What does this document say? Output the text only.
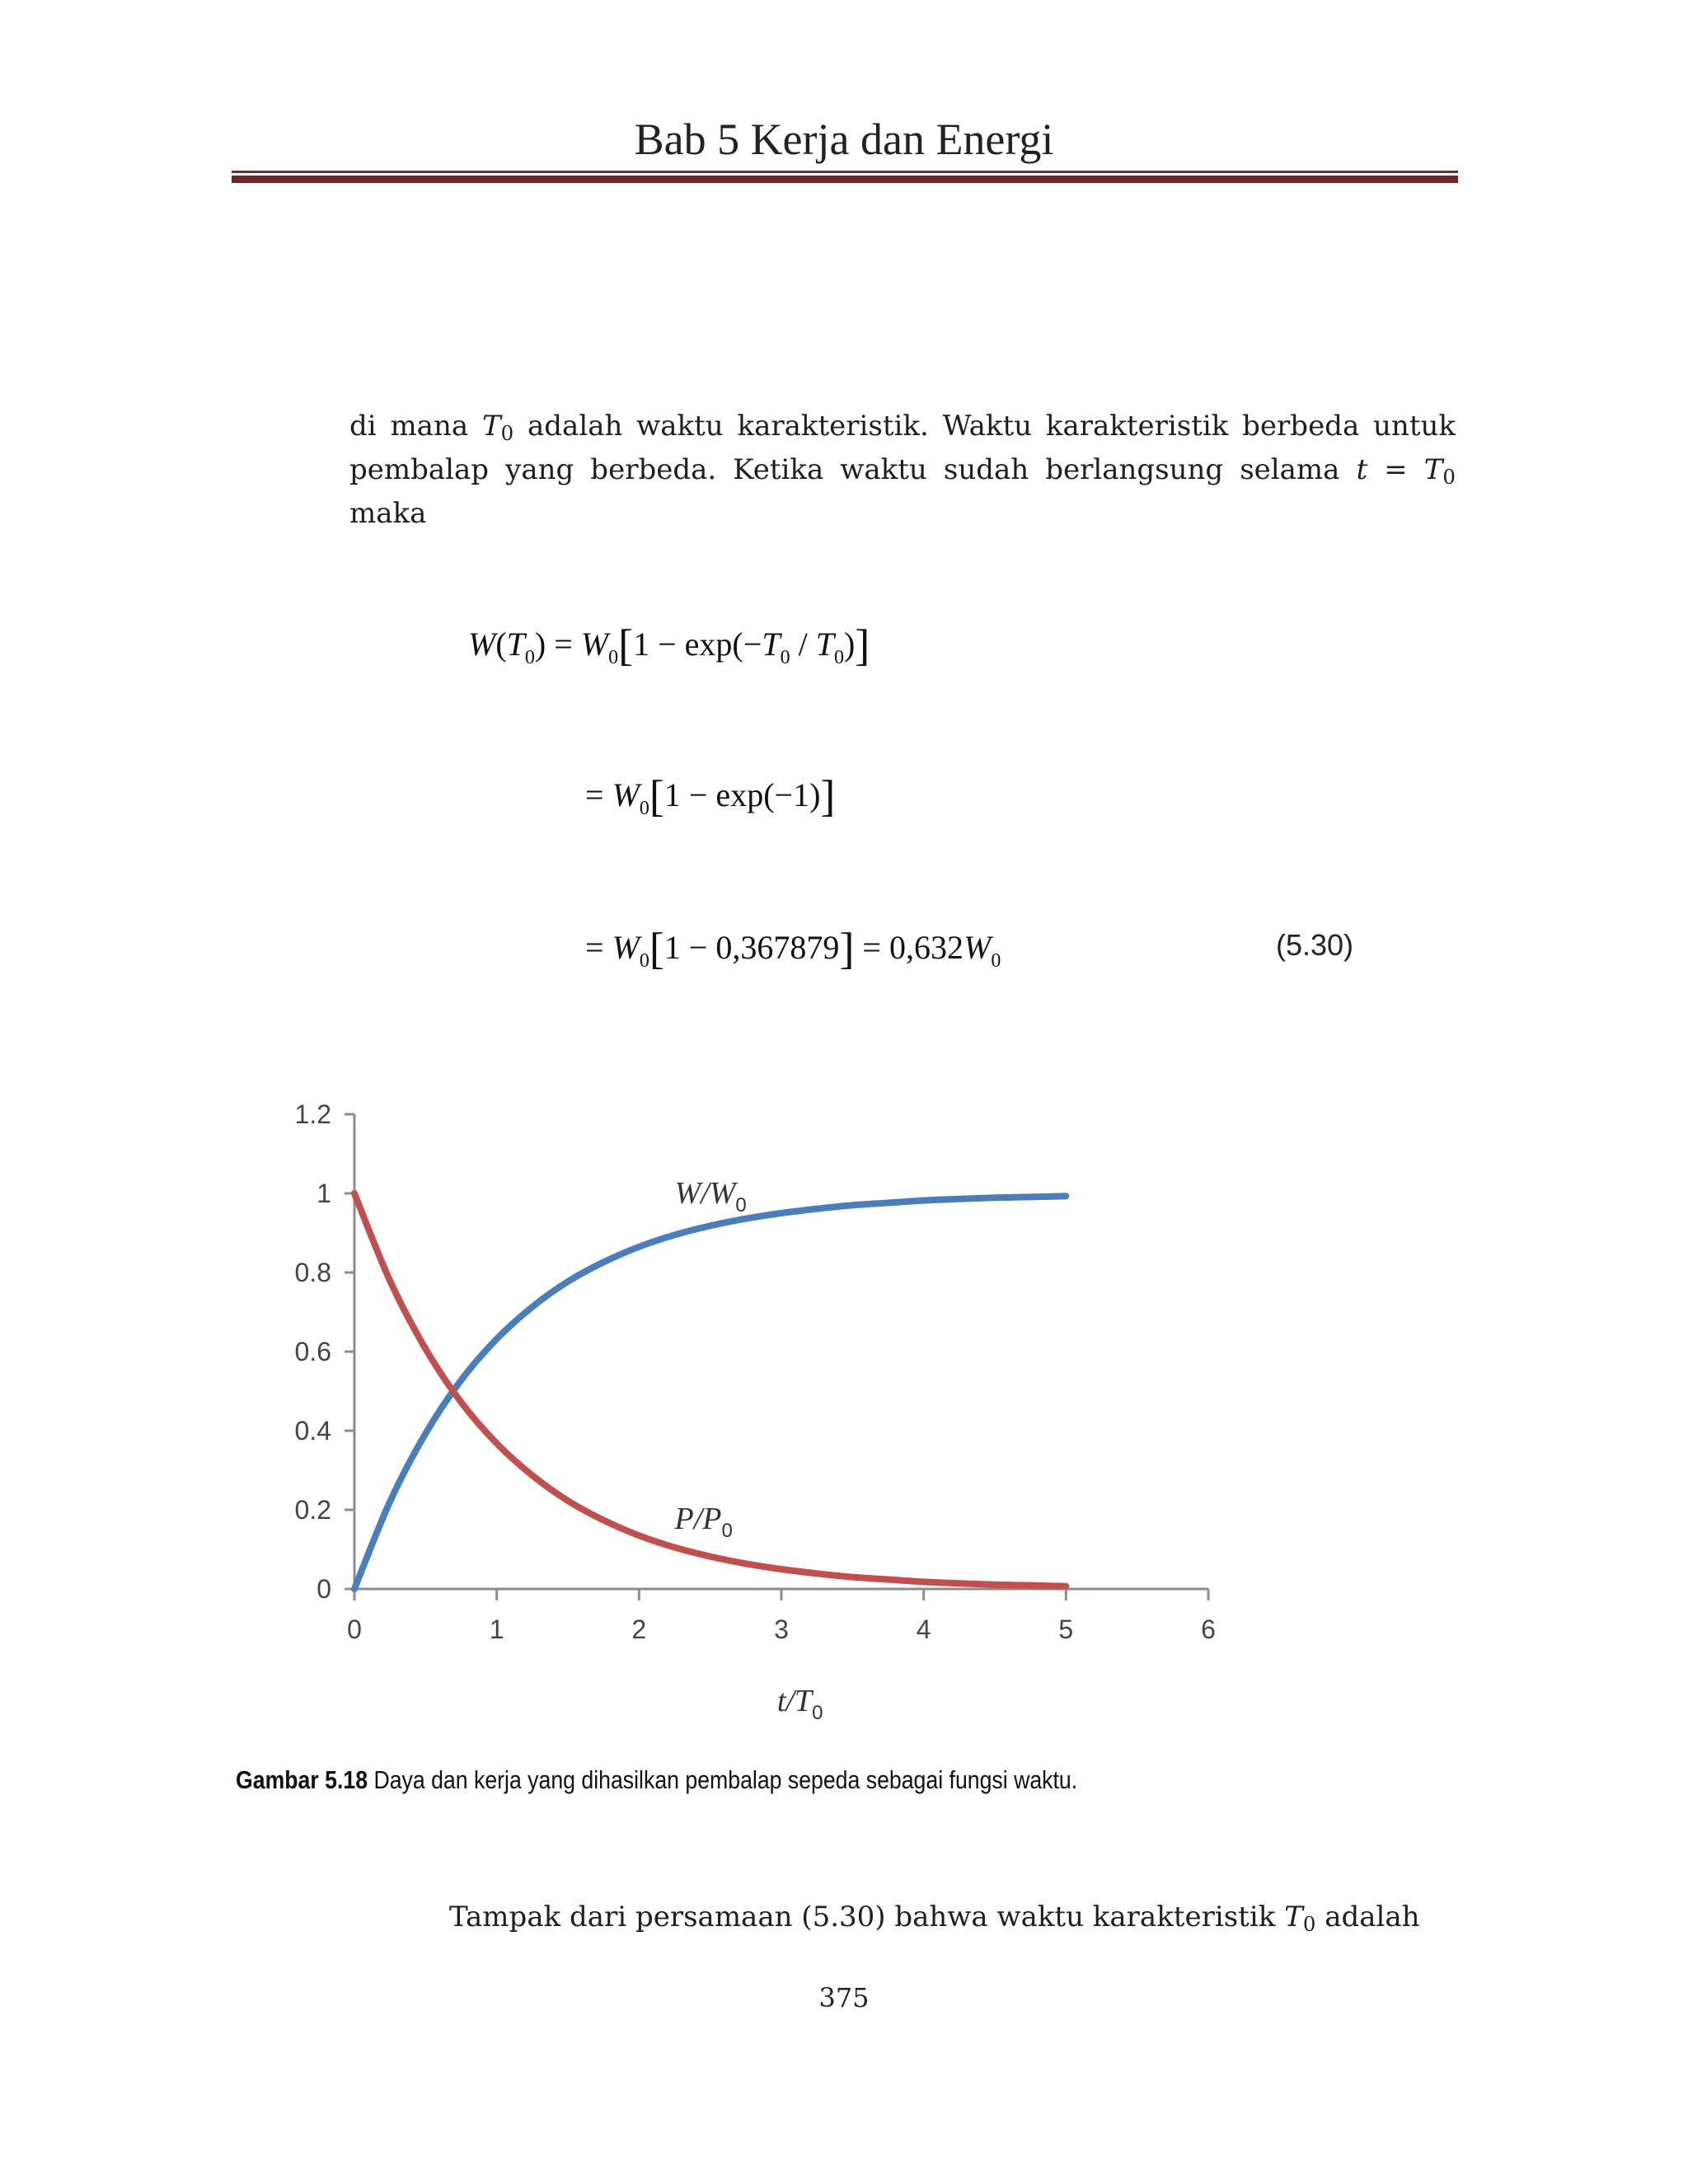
Bab 5 Kerja dan Energi
di mana $T_0$ adalah waktu karakteristik. Waktu karakteristik berbeda untuk pembalap yang berbeda. Ketika waktu sudah berlangsung selama $t = T_0$ maka
$W(T_0) = W_0[1 - \exp(-T_0 / T_0)]$
= $W_0[1 - \exp(-1)]$
= $W_0[1 - 0,367879] = 0,632W_0$	(5.30)
0
0.2
0.4
0.6
0.8
1
1.2
0	1	2	3	4	5	6
$W/W_0$
$P/P_0$
$t/T_0$
Gambar 5.18 Daya dan kerja yang dihasilkan pembalap sepeda sebagai fungsi waktu.
Tampak dari persamaan (5.30) bahwa waktu karakteristik $T_0$ adalah
375
